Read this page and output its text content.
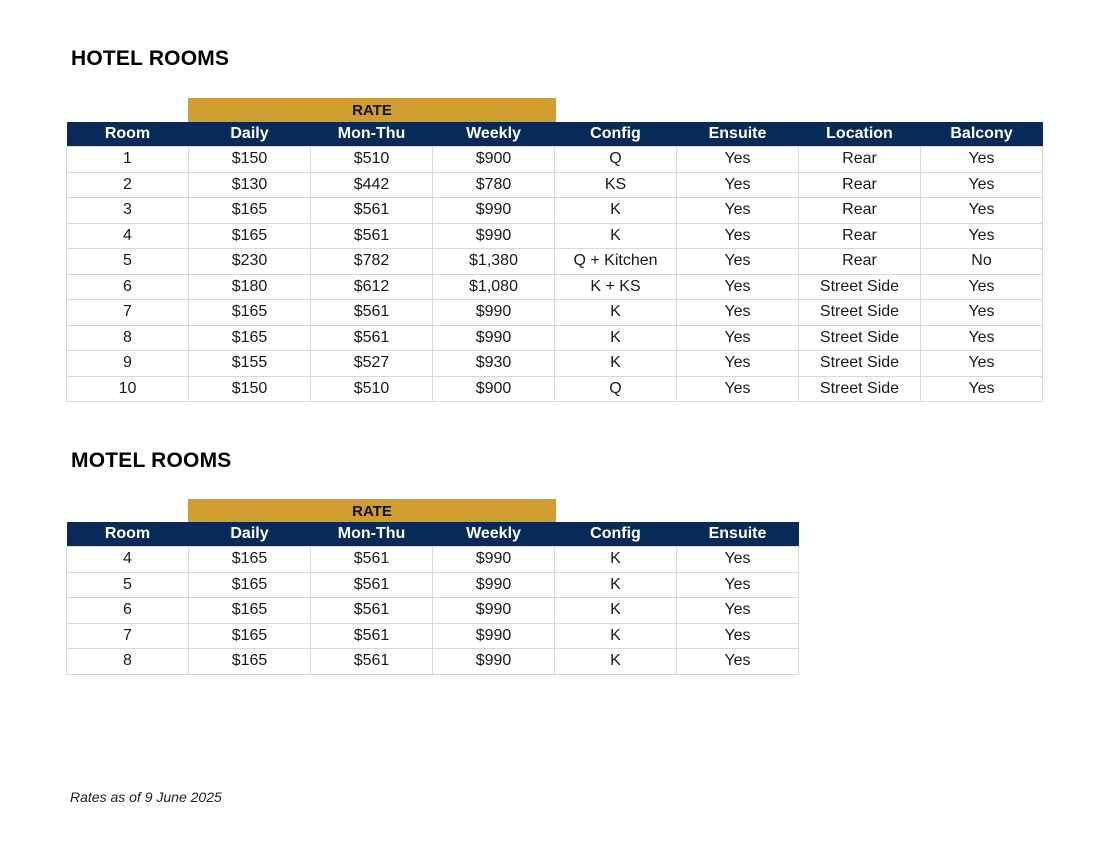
HOTEL ROOMS
RATE
Room	Daily	Mon-Thu	Weekly	Config	Ensuite	Location	Balcony
1	$150	$510	$900	Q	Yes	Rear	Yes
2	$130	$442	$780	KS	Yes	Rear	Yes
3	$165	$561	$990	K	Yes	Rear	Yes
4	$165	$561	$990	K	Yes	Rear	Yes
5	$230	$782	$1,380	Q + Kitchen	Yes	Rear	No
6	$180	$612	$1,080	K + KS	Yes	Street Side	Yes
7	$165	$561	$990	K	Yes	Street Side	Yes
8	$165	$561	$990	K	Yes	Street Side	Yes
9	$155	$527	$930	K	Yes	Street Side	Yes
10	$150	$510	$900	Q	Yes	Street Side	Yes
MOTEL ROOMS
RATE
Room	Daily	Mon-Thu	Weekly	Config	Ensuite
4	$165	$561	$990	K	Yes
5	$165	$561	$990	K	Yes
6	$165	$561	$990	K	Yes
7	$165	$561	$990	K	Yes
8	$165	$561	$990	K	Yes
Rates as of 9 June 2025
